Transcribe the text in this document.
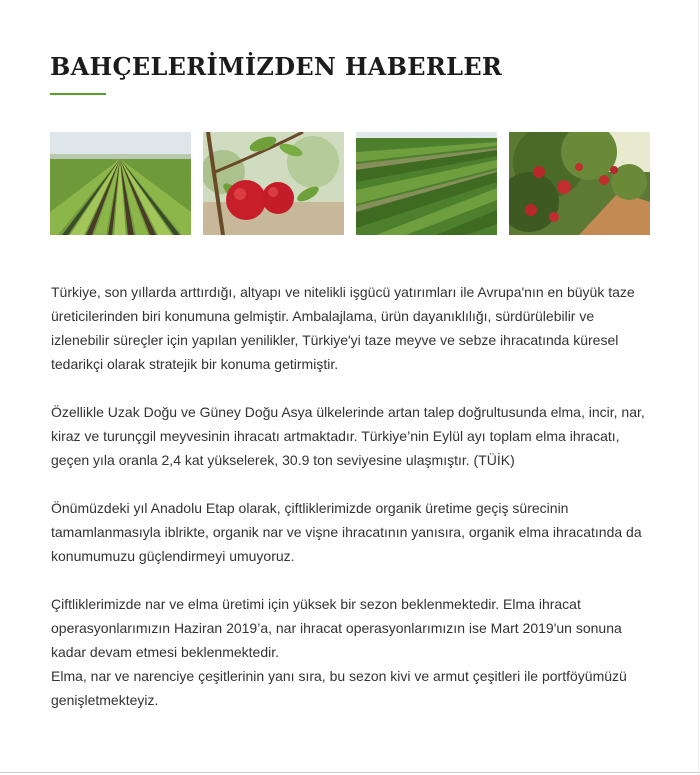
BAHÇELERİMİZDEN HABERLER

Türkiye, son yıllarda arttırdığı, altyapı ve nitelikli işgücü yatırımları ile Avrupa'nın en büyük taze üreticilerinden biri konumuna gelmiştir. Ambalajlama, ürün dayanıklılığı, sürdürülebilir ve izlenebilir süreçler için yapılan yenilikler, Türkiye'yi taze meyve ve sebze ihracatında küresel tedarikçi olarak stratejik bir konuma getirmiştir.

Özellikle Uzak Doğu ve Güney Doğu Asya ülkelerinde artan talep doğrultusunda elma, incir, nar, kiraz ve turunçgil meyvesinin ihracatı artmaktadır. Türkiye’nin Eylül ayı toplam elma ihracatı, geçen yıla oranla 2,4 kat yükselerek, 30.9 ton seviyesine ulaşmıştır. (TÜİK)

Önümüzdeki yıl Anadolu Etap olarak, çiftliklerimizde organik üretime geçiş sürecinin tamamlanmasıyla iblrikte, organik nar ve vişne ihracatının yanısıra, organik elma ihracatında da konumumuzu güçlendirmeyi umuyoruz.

Çiftliklerimizde nar ve elma üretimi için yüksek bir sezon beklenmektedir. Elma ihracat operasyonlarımızın Haziran 2019’a, nar ihracat operasyonlarımızın ise Mart 2019'un sonuna kadar devam etmesi beklenmektedir.

Elma, nar ve narenciye çeşitlerinin yanı sıra, bu sezon kivi ve armut çeşitleri ile portföyümüzü genişletmekteyiz.
